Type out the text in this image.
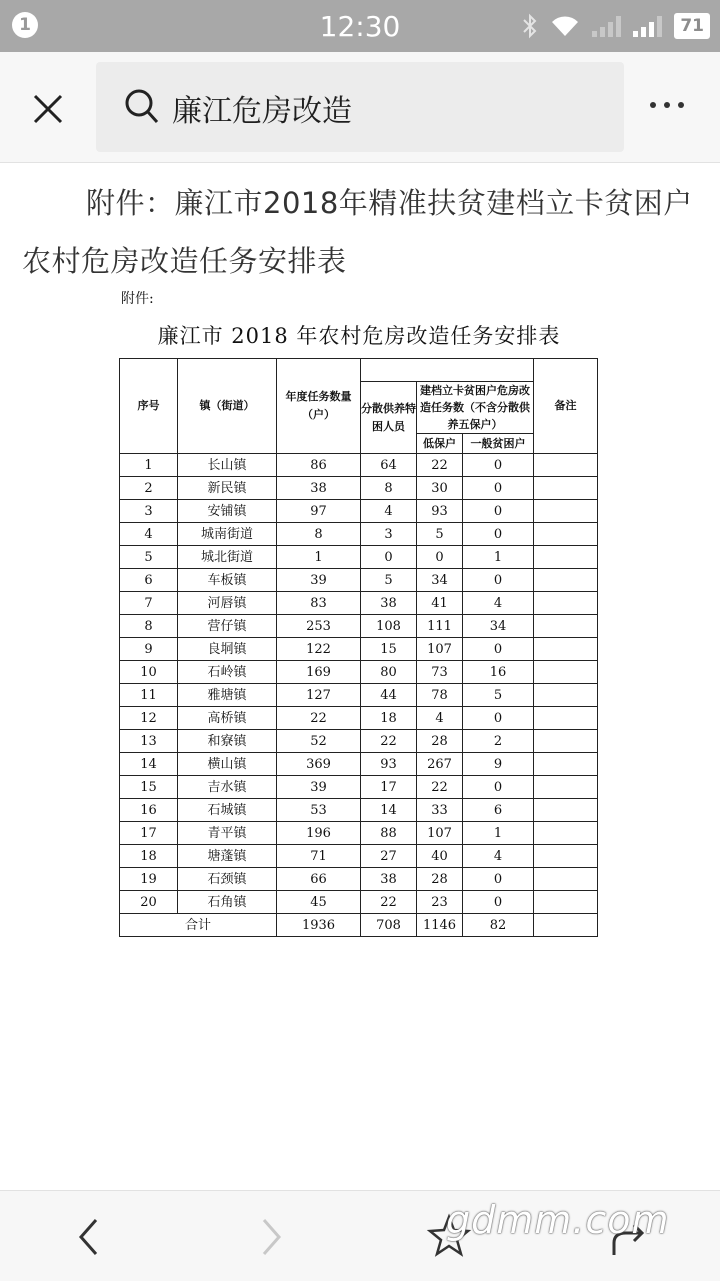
1	12:30	71
廉江危房改造
附件：廉江市2018年精准扶贫建档立卡贫困户农村危房改造任务安排表
附件:
廉江市 2018 年农村危房改造任务安排表
序号	镇（街道）	年度任务数量（户）				备注
			分散供养特困人员	建档立卡贫困户危房改造任务数（不含分散供养五保户）		
				低保户	一般贫困户	
1	长山镇	86	64	22	0	
2	新民镇	38	8	30	0	
3	安铺镇	97	4	93	0	
4	城南街道	8	3	5	0	
5	城北街道	1	0	0	1	
6	车板镇	39	5	34	0	
7	河唇镇	83	38	41	4	
8	营仔镇	253	108	111	34	
9	良垌镇	122	15	107	0	
10	石岭镇	169	80	73	16	
11	雅塘镇	127	44	78	5	
12	高桥镇	22	18	4	0	
13	和寮镇	52	22	28	2	
14	横山镇	369	93	267	9	
15	吉水镇	39	17	22	0	
16	石城镇	53	14	33	6	
17	青平镇	196	88	107	1	
18	塘蓬镇	71	27	40	4	
19	石颈镇	66	38	28	0	
20	石角镇	45	22	23	0	
合计		1936	708	1146	82	
gdmm.com
